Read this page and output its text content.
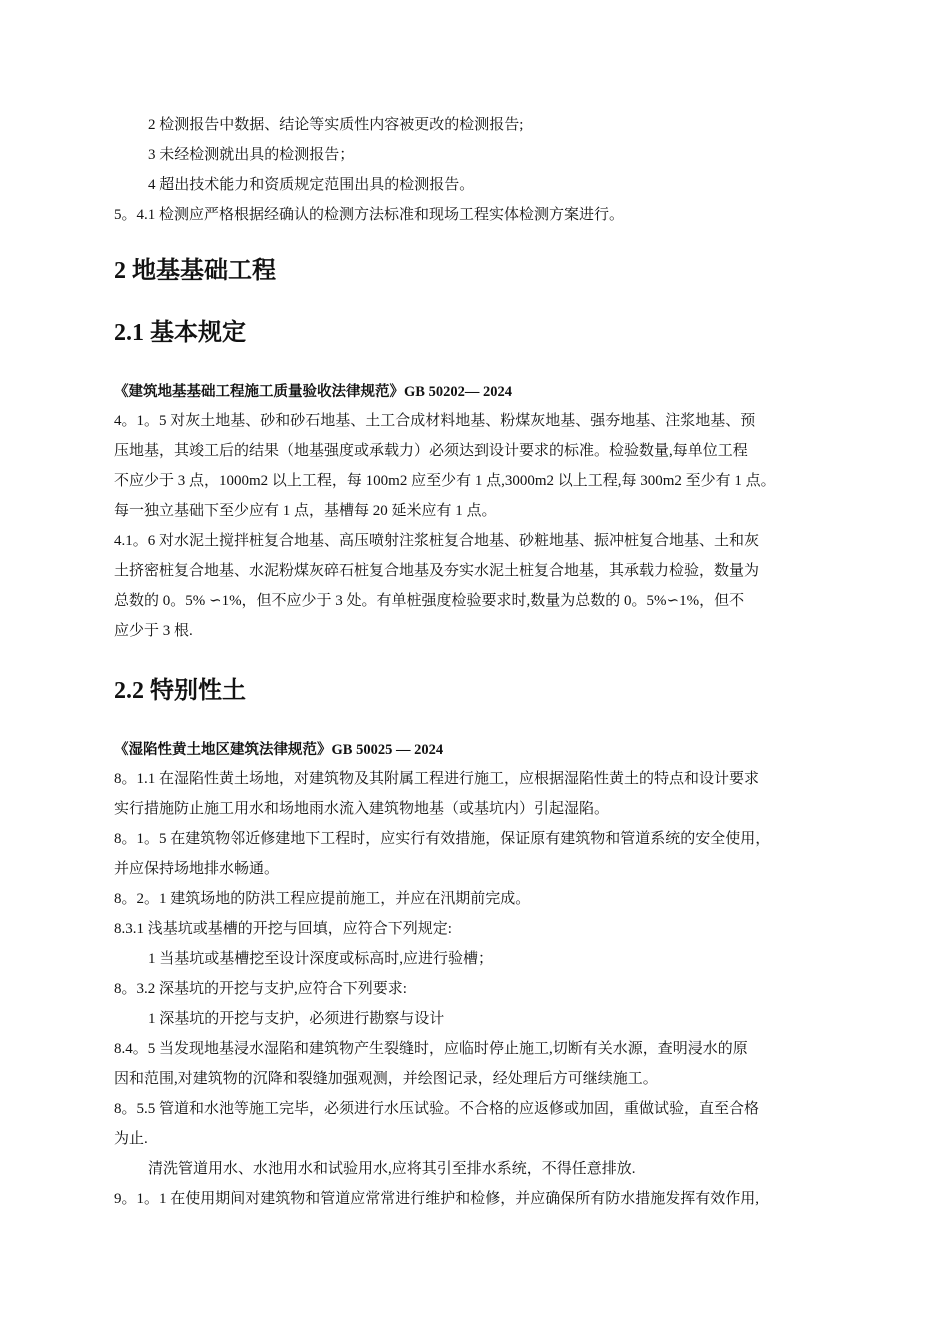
2 检测报告中数据、结论等实质性内容被更改的检测报告;

3 未经检测就出具的检测报告；

4 超出技术能力和资质规定范围出具的检测报告。

5。4.1 检测应严格根据经确认的检测方法标准和现场工程实体检测方案进行。

2 地基基础工程
2.1 基本规定
《建筑地基基础工程施工质量验收法律规范》GB 50202— 2024

4。1。5 对灰土地基、砂和砂石地基、土工合成材料地基、粉煤灰地基、强夯地基、注浆地基、预

压地基，其竣工后的结果（地基强度或承载力）必须达到设计要求的标准。检验数量,每单位工程

不应少于 3 点，1000m2 以上工程，每 100m2 应至少有 1 点,3000m2 以上工程,每 300m2 至少有 1 点。

每一独立基础下至少应有 1 点，基槽每 20 延米应有 1 点。

4.1。6 对水泥土搅拌桩复合地基、高压喷射注浆桩复合地基、砂粧地基、振冲桩复合地基、土和灰

土挤密桩复合地基、水泥粉煤灰碎石桩复合地基及夯实水泥土桩复合地基，其承载力检验，数量为

总数的 0。5% ∽1%，但不应少于 3 处。有单桩强度检验要求时,数量为总数的 0。5%∽1%，但不

应少于 3 根.

2.2 特别性土
《湿陷性黄土地区建筑法律规范》GB 50025 — 2024

8。1.1 在湿陷性黄土场地，对建筑物及其附属工程进行施工，应根据湿陷性黄土的特点和设计要求

实行措施防止施工用水和场地雨水流入建筑物地基（或基坑内）引起湿陷。

8。1。5 在建筑物邻近修建地下工程时，应实行有效措施，保证原有建筑物和管道系统的安全使用，

并应保持场地排水畅通。

8。2。1 建筑场地的防洪工程应提前施工，并应在汛期前完成。

8.3.1 浅基坑或基槽的开挖与回填，应符合下列规定:

1 当基坑或基槽挖至设计深度或标高时,应进行验槽；

8。3.2 深基坑的开挖与支护,应符合下列要求:

1 深基坑的开挖与支护，必须进行勘察与设计

8.4。5 当发现地基浸水湿陷和建筑物产生裂缝时，应临时停止施工,切断有关水源，查明浸水的原

因和范围,对建筑物的沉降和裂缝加强观测，并绘图记录，经处理后方可继续施工。

8。5.5 管道和水池等施工完毕，必须进行水压试验。不合格的应返修或加固，重做试验，直至合格

为止.

清洗管道用水、水池用水和试验用水,应将其引至排水系统，不得任意排放.

9。1。1 在使用期间对建筑物和管道应常常进行维护和检修，并应确保所有防水措施发挥有效作用,
